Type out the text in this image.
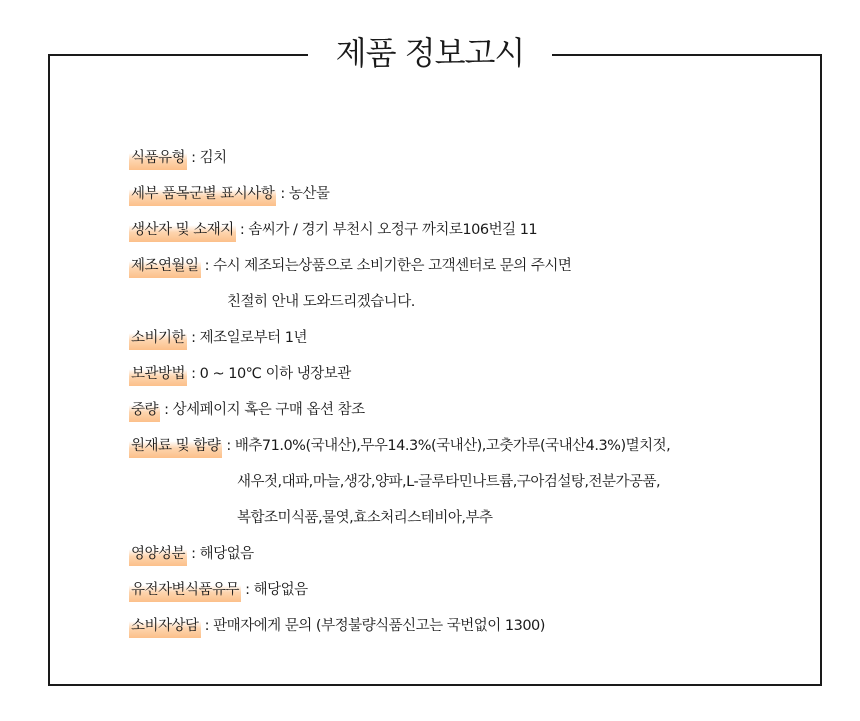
제품 정보고시
식품유형 : 김치
세부 품목군별 표시사항 : 농산물
생산자 및 소재지 : 솜씨가 / 경기 부천시 오정구 까치로106번길 11
제조연월일 : 수시 제조되는상품으로 소비기한은 고객센터로 문의 주시면
친절히 안내 도와드리겠습니다.
소비기한 : 제조일로부터 1년
보관방법 : 0 ~ 10℃ 이하 냉장보관
중량 : 상세페이지 혹은 구매 옵션 참조
원재료 및 함량 : 배추71.0%(국내산),무우14.3%(국내산),고춧가루(국내산4.3%)멸치젓,
새우젓,대파,마늘,생강,양파,L-글루타민나트륨,구아검설탕,전분가공품,
복합조미식품,물엿,효소처리스테비아,부추
영양성분 : 해당없음
유전자변식품유무 : 해당없음
소비자상담 : 판매자에게 문의 (부정불량식품신고는 국번없이 1300)
